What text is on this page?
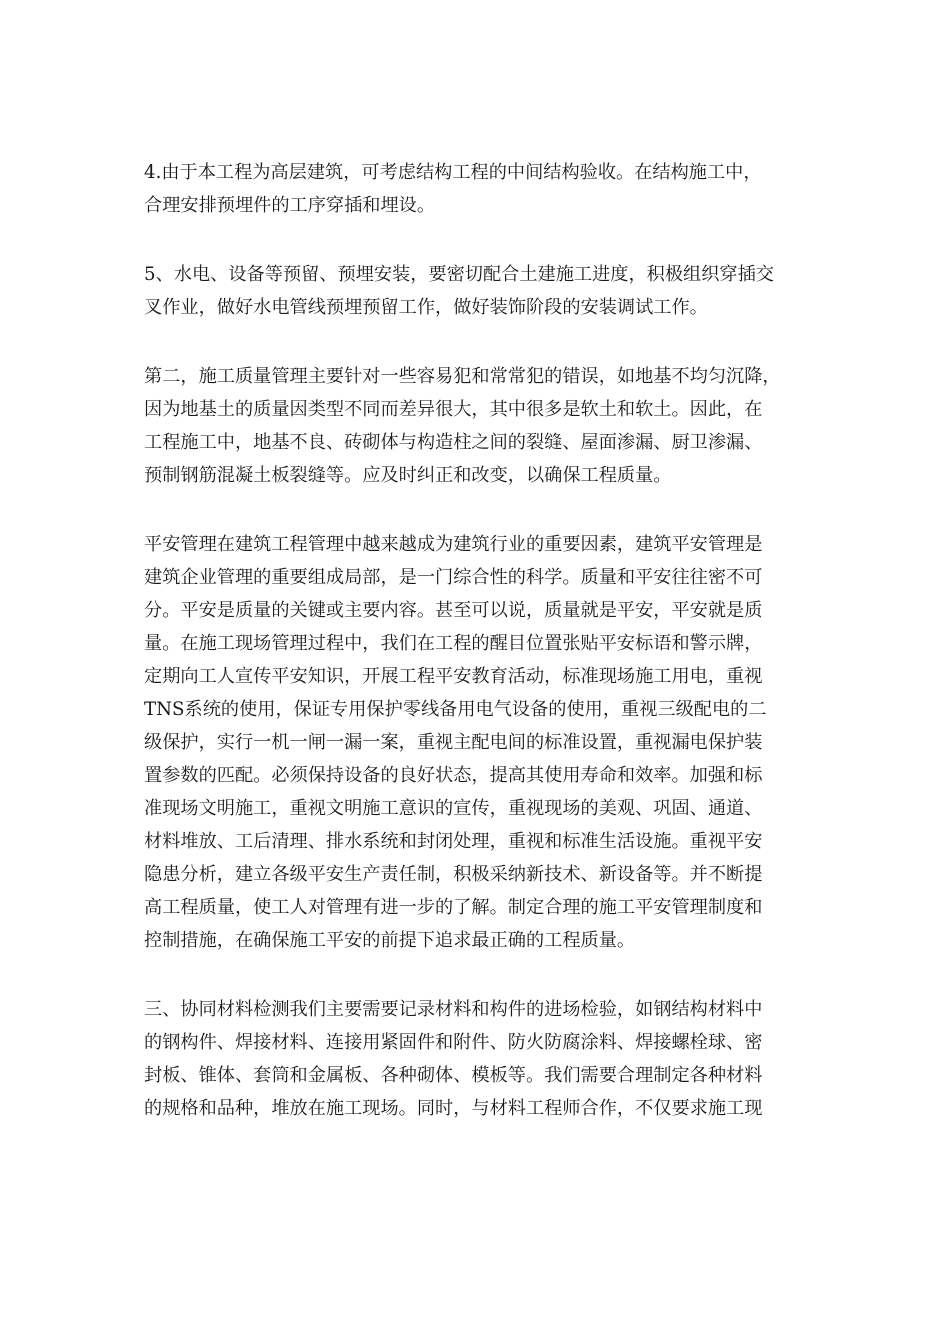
4.由于本工程为高层建筑，可考虑结构工程的中间结构验收。在结构施工中，
合理安排预埋件的工序穿插和埋设。
5、水电、设备等预留、预埋安装，要密切配合土建施工进度，积极组织穿插交
叉作业，做好水电管线预埋预留工作，做好装饰阶段的安装调试工作。
第二，施工质量管理主要针对一些容易犯和常常犯的错误，如地基不均匀沉降，
因为地基土的质量因类型不同而差异很大，其中很多是软土和软土。因此，在
工程施工中，地基不良、砖砌体与构造柱之间的裂缝、屋面渗漏、厨卫渗漏、
预制钢筋混凝土板裂缝等。应及时纠正和改变，以确保工程质量。
平安管理在建筑工程管理中越来越成为建筑行业的重要因素，建筑平安管理是
建筑企业管理的重要组成局部，是一门综合性的科学。质量和平安往往密不可
分。平安是质量的关键或主要内容。甚至可以说，质量就是平安，平安就是质
量。在施工现场管理过程中，我们在工程的醒目位置张贴平安标语和警示牌，
定期向工人宣传平安知识，开展工程平安教育活动，标准现场施工用电，重视
TNS系统的使用，保证专用保护零线备用电气设备的使用，重视三级配电的二
级保护，实行一机一闸一漏一案，重视主配电间的标准设置，重视漏电保护装
置参数的匹配。必须保持设备的良好状态，提高其使用寿命和效率。加强和标
准现场文明施工，重视文明施工意识的宣传，重视现场的美观、巩固、通道、
材料堆放、工后清理、排水系统和封闭处理，重视和标准生活设施。重视平安
隐患分析，建立各级平安生产责任制，积极采纳新技术、新设备等。并不断提
高工程质量，使工人对管理有进一步的了解。制定合理的施工平安管理制度和
控制措施，在确保施工平安的前提下追求最正确的工程质量。
三、协同材料检测我们主要需要记录材料和构件的进场检验，如钢结构材料中
的钢构件、焊接材料、连接用紧固件和附件、防火防腐涂料、焊接螺栓球、密
封板、锥体、套筒和金属板、各种砌体、模板等。我们需要合理制定各种材料
的规格和品种，堆放在施工现场。同时，与材料工程师合作，不仅要求施工现
